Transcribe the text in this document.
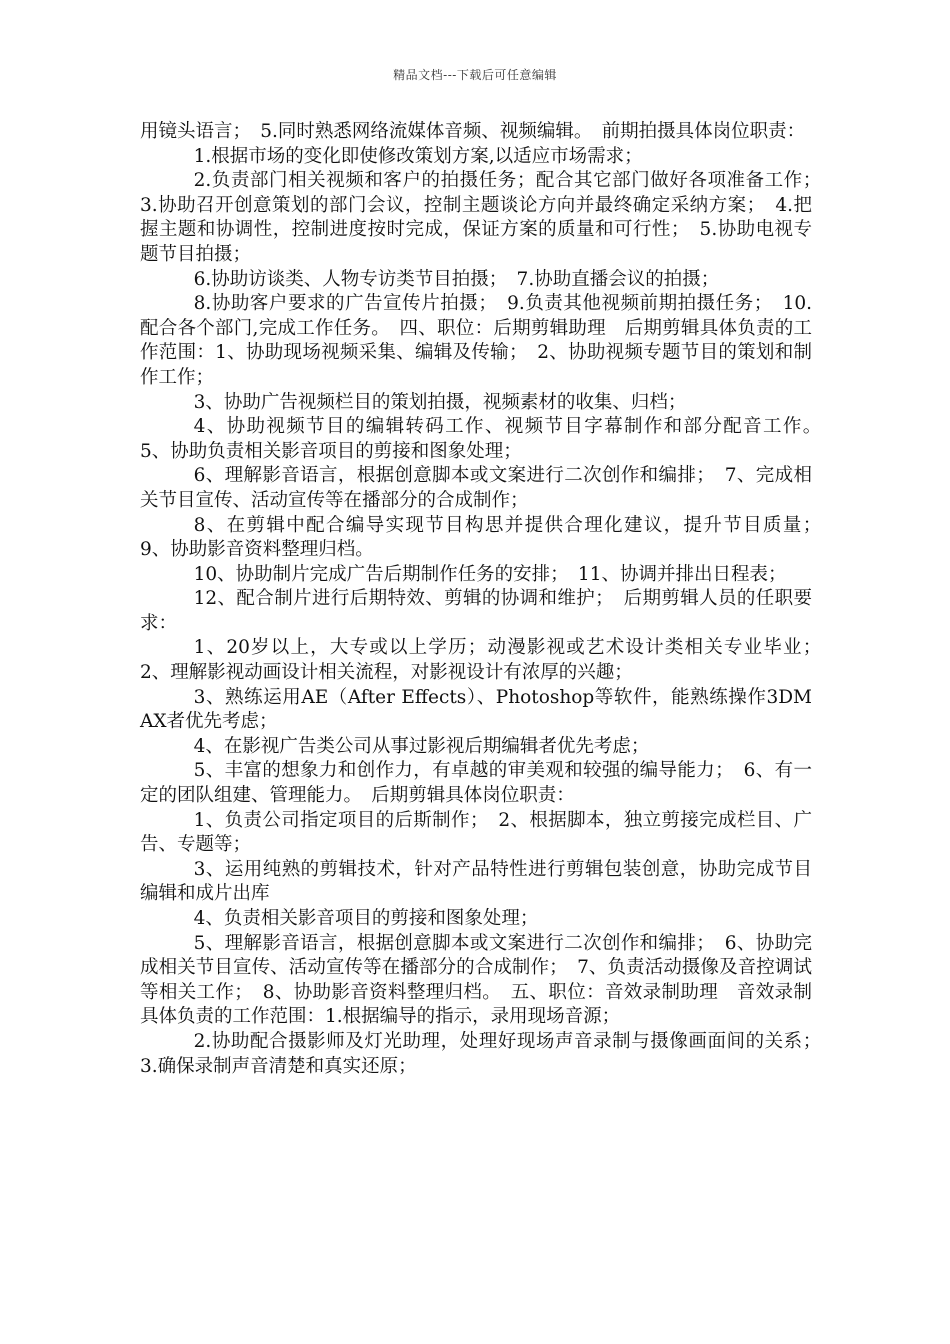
精品文档---下载后可任意编辑

用镜头语言；　5.同时熟悉网络流媒体音频、视频编辑。　前期拍摄具体岗位职责：

1.根据市场的变化即使修改策划方案,以适应市场需求；

2.负责部门相关视频和客户的拍摄任务；配合其它部门做好各项准备工作；　3.协助召开创意策划的部门会议，控制主题谈论方向并最终确定采纳方案；　4.把握主题和协调性，控制进度按时完成，保证方案的质量和可行性；　5.协助电视专题节目拍摄；

6.协助访谈类、人物专访类节目拍摄；　7.协助直播会议的拍摄；

8.协助客户要求的广告宣传片拍摄；　9.负责其他视频前期拍摄任务；　10.配合各个部门,完成工作任务。　四、职位：后期剪辑助理　后期剪辑具体负责的工作范围：1、协助现场视频采集、编辑及传输；　2、协助视频专题节目的策划和制作工作；

3、协助广告视频栏目的策划拍摄，视频素材的收集、归档；

4、协助视频节目的编辑转码工作、视频节目字幕制作和部分配音工作。　5、协助负责相关影音项目的剪接和图象处理；

6、理解影音语言，根据创意脚本或文案进行二次创作和编排；　7、完成相关节目宣传、活动宣传等在播部分的合成制作；

8、在剪辑中配合编导实现节目构思并提供合理化建议，提升节目质量；　9、协助影音资料整理归档。

10、协助制片完成广告后期制作任务的安排；　11、协调并排出日程表；

12、配合制片进行后期特效、剪辑的协调和维护；　后期剪辑人员的任职要求：

1、20岁以上，大专或以上学历；动漫影视或艺术设计类相关专业毕业；　2、理解影视动画设计相关流程，对影视设计有浓厚的兴趣；

3、熟练运用AE（After Effects）、Photoshop等软件，能熟练操作3DMAX者优先考虑；

4、在影视广告类公司从事过影视后期编辑者优先考虑；

5、丰富的想象力和创作力，有卓越的审美观和较强的编导能力；　6、有一定的团队组建、管理能力。　后期剪辑具体岗位职责：

1、负责公司指定项目的后斯制作；　2、根据脚本，独立剪接完成栏目、广告、专题等；

3、运用纯熟的剪辑技术，针对产品特性进行剪辑包装创意，协助完成节目编辑和成片出库

4、负责相关影音项目的剪接和图象处理；

5、理解影音语言，根据创意脚本或文案进行二次创作和编排；　6、协助完成相关节目宣传、活动宣传等在播部分的合成制作；　7、负责活动摄像及音控调试等相关工作；　8、协助影音资料整理归档。　五、职位：音效录制助理　音效录制具体负责的工作范围：1.根据编导的指示，录用现场音源；

2.协助配合摄影师及灯光助理，处理好现场声音录制与摄像画面间的关系；　3.确保录制声音清楚和真实还原；
